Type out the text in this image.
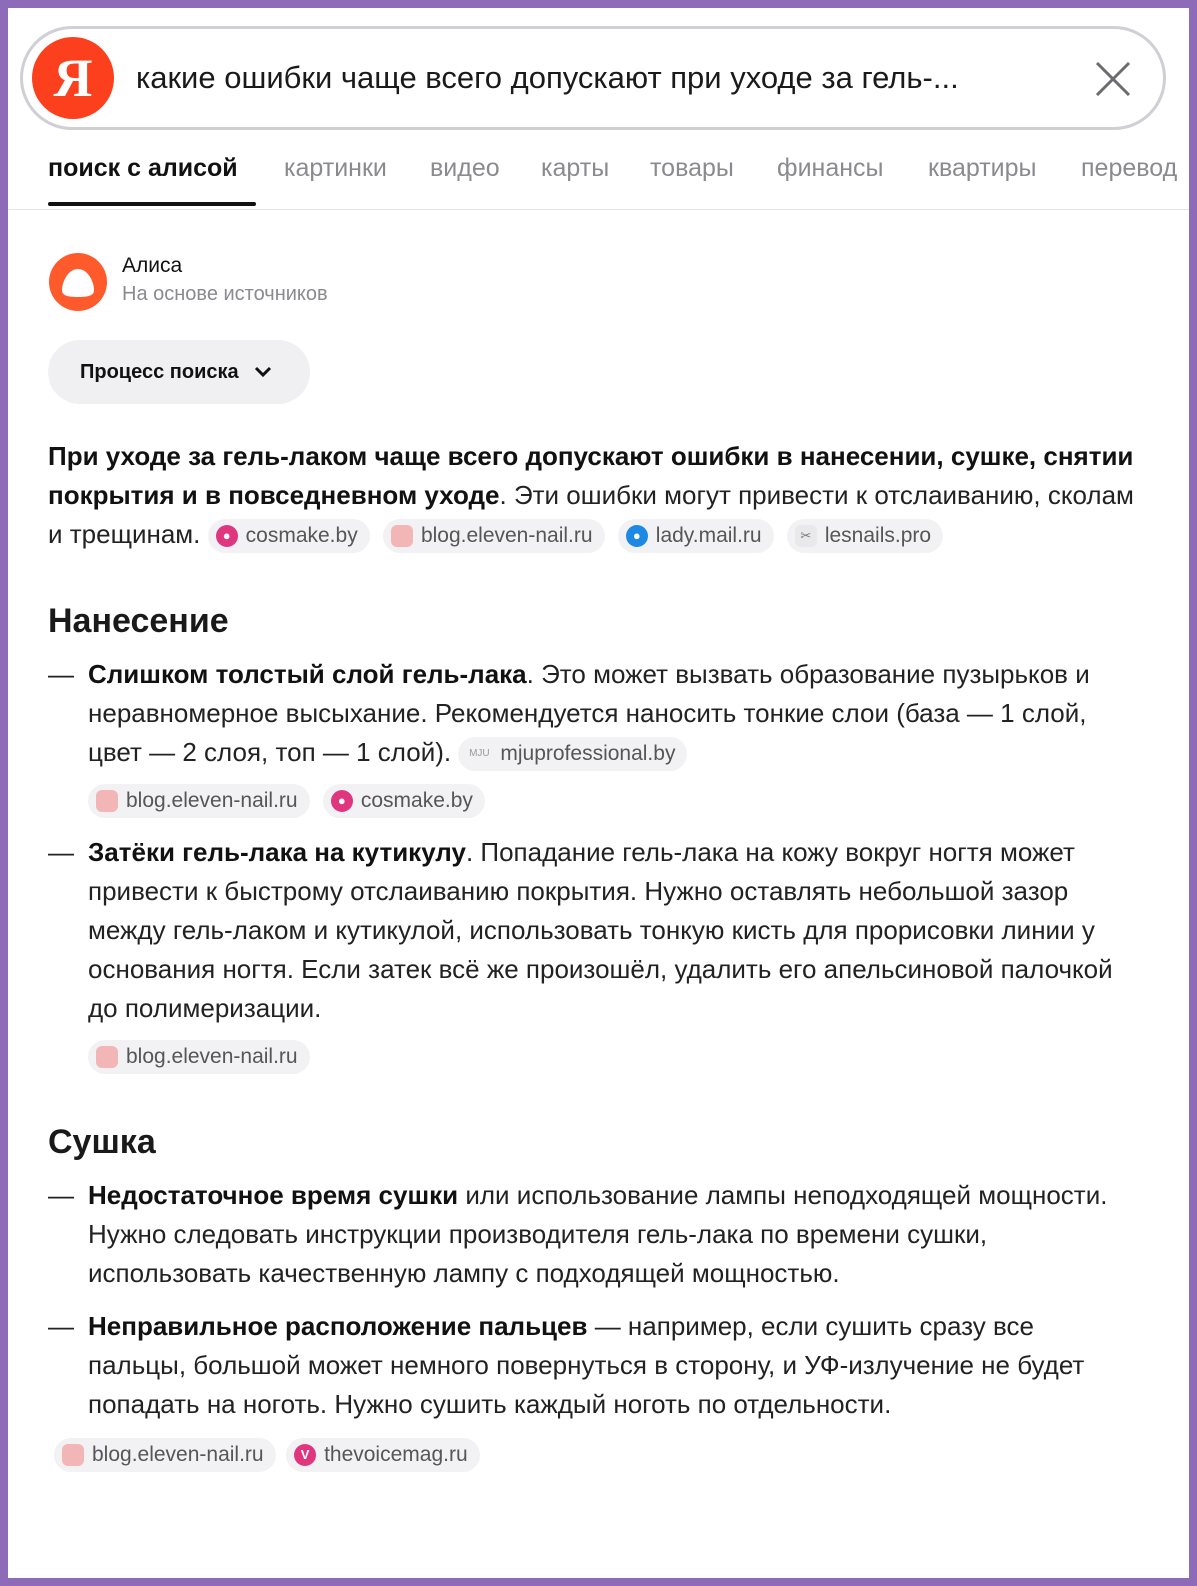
Я	какие ошибки чаще всего допускают при уходе за гель-...
поиск с алисой картинки видео карты товары финансы квартиры перевод
Алиса
На основе источников
Процесс поиска

При уходе за гель-лаком чаще всего допускают ошибки в нанесении, сушке, снятии покрытия и в повседневном уходе. Эти ошибки могут привести к отслаиванию, сколам и трещинам.	● cosmake.by
	blog.eleven-nail.ru
	● lady.mail.ru
	✂ lesnails.pro

Нанесение
— Слишком толстый слой гель-лака. Это может вызвать образование пузырьков и неравномерное высыхание. Рекомендуется наносить тонкие слои (база — 1 слой, цвет — 2 слоя, топ — 1 слой). MJU mjuprofessional.by
blog.eleven-nail.ru
	● cosmake.by
— Затёки гель-лака на кутикулу. Попадание гель-лака на кожу вокруг ногтя может привести к быстрому отслаиванию покрытия. Нужно оставлять небольшой зазор между гель-лаком и кутикулой, использовать тонкую кисть для прорисовки линии у основания ногтя. Если затек всё же произошёл, удалить его апельсиновой палочкой до полимеризации.
blog.eleven-nail.ru
Сушка
— Недостаточное время сушки или использование лампы неподходящей мощности. Нужно следовать инструкции производителя гель-лака по времени сушки, использовать качественную лампу с подходящей мощностью.
— Неправильное расположение пальцев — например, если сушить сразу все пальцы, большой может немного повернуться в сторону, и УФ-излучение не будет попадать на ноготь. Нужно сушить каждый ноготь по отдельности.
blog.eleven-nail.ru
	V thevoicemag.ru
